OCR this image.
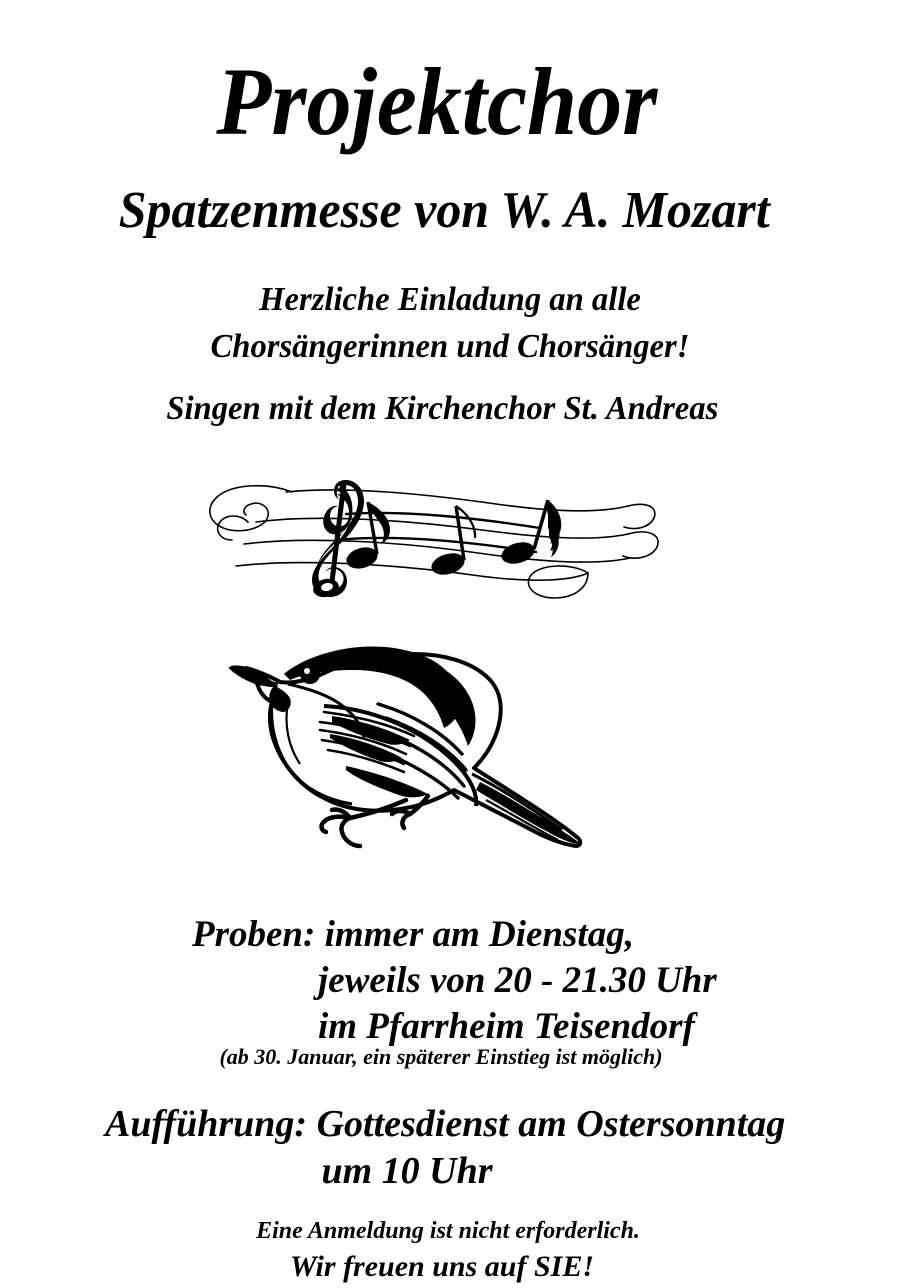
Projektchor
Spatzenmesse von W. A. Mozart
Herzliche Einladung an alle
Chorsängerinnen und Chorsänger!
Singen mit dem Kirchenchor St. Andreas
Proben: immer am Dienstag,
jeweils von 20 - 21.30 Uhr
im Pfarrheim Teisendorf
(ab 30. Januar, ein späterer Einstieg ist möglich)
Aufführung: Gottesdienst am Ostersonntag
um 10 Uhr
Eine Anmeldung ist nicht erforderlich.
Wir freuen uns auf SIE!
